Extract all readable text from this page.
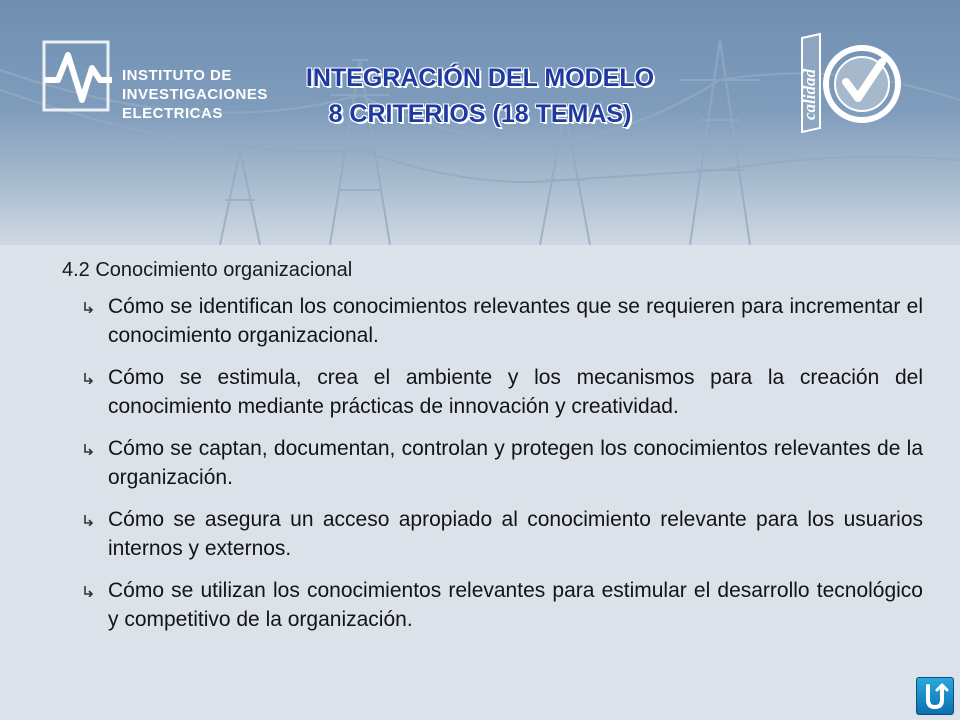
INSTITUTO DE
INVESTIGACIONES
ELECTRICAS
INTEGRACIÓN DEL MODELO
8 CRITERIOS (18 TEMAS)	calidad
4.2 Conocimiento organizacional
Cómo se identifican los conocimientos relevantes que se requieren para incrementar el conocimiento organizacional.
Cómo se estimula, crea el ambiente y los mecanismos para la creación del conocimiento mediante prácticas de innovación y creatividad.
Cómo se captan, documentan, controlan y protegen los conocimientos relevantes de la organización.
Cómo se asegura un acceso apropiado al conocimiento relevante para los usuarios internos y externos.
Cómo se utilizan los conocimientos relevantes para estimular el desarrollo tecnológico y competitivo de la organización.
